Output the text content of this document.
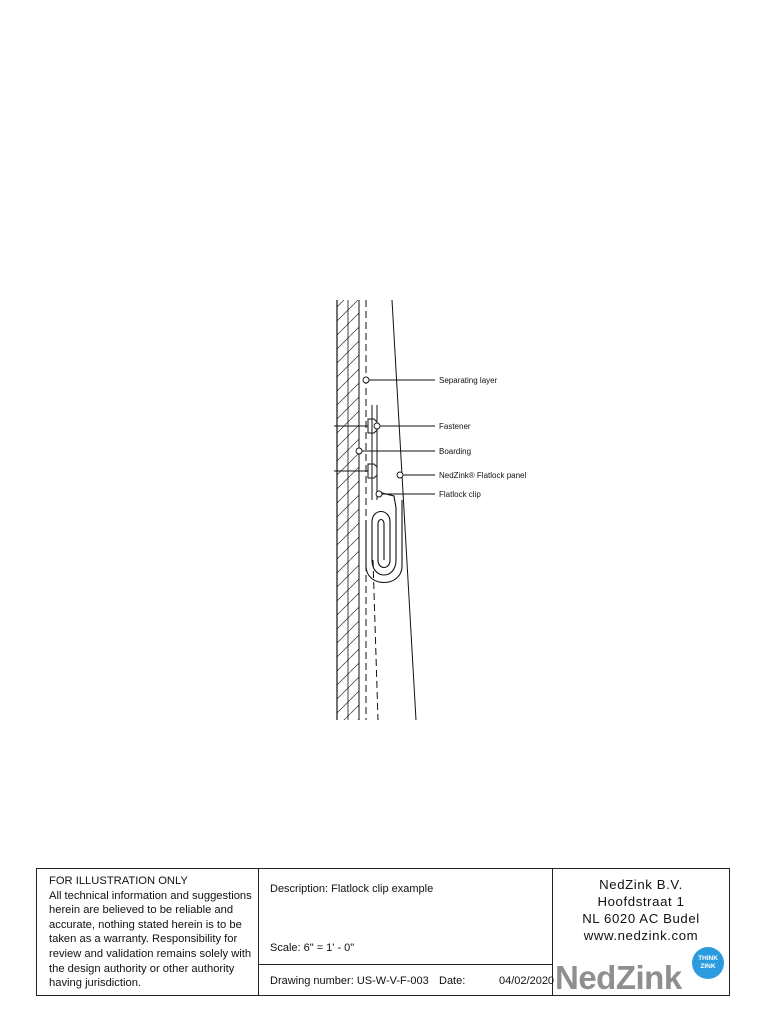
Separating layer
Fastener
Boarding
NedZink® Flatlock panel
Flatlock clip
FOR ILLUSTRATION ONLY
All technical information and suggestions
herein are believed to be reliable and
accurate, nothing stated herein is to be
taken as a warranty. Responsibility for
review and validation remains solely with
the design authority or other authority
having jurisdiction.
Description: Flatlock clip example
Scale: 6" = 1' - 0"
Drawing number: US-W-V-F-003 Date:	04/02/2020
NedZink B.V.
Hoofdstraat 1
NL 6020 AC Budel
www.nedzink.com
NedZink
THINK
ZINK
